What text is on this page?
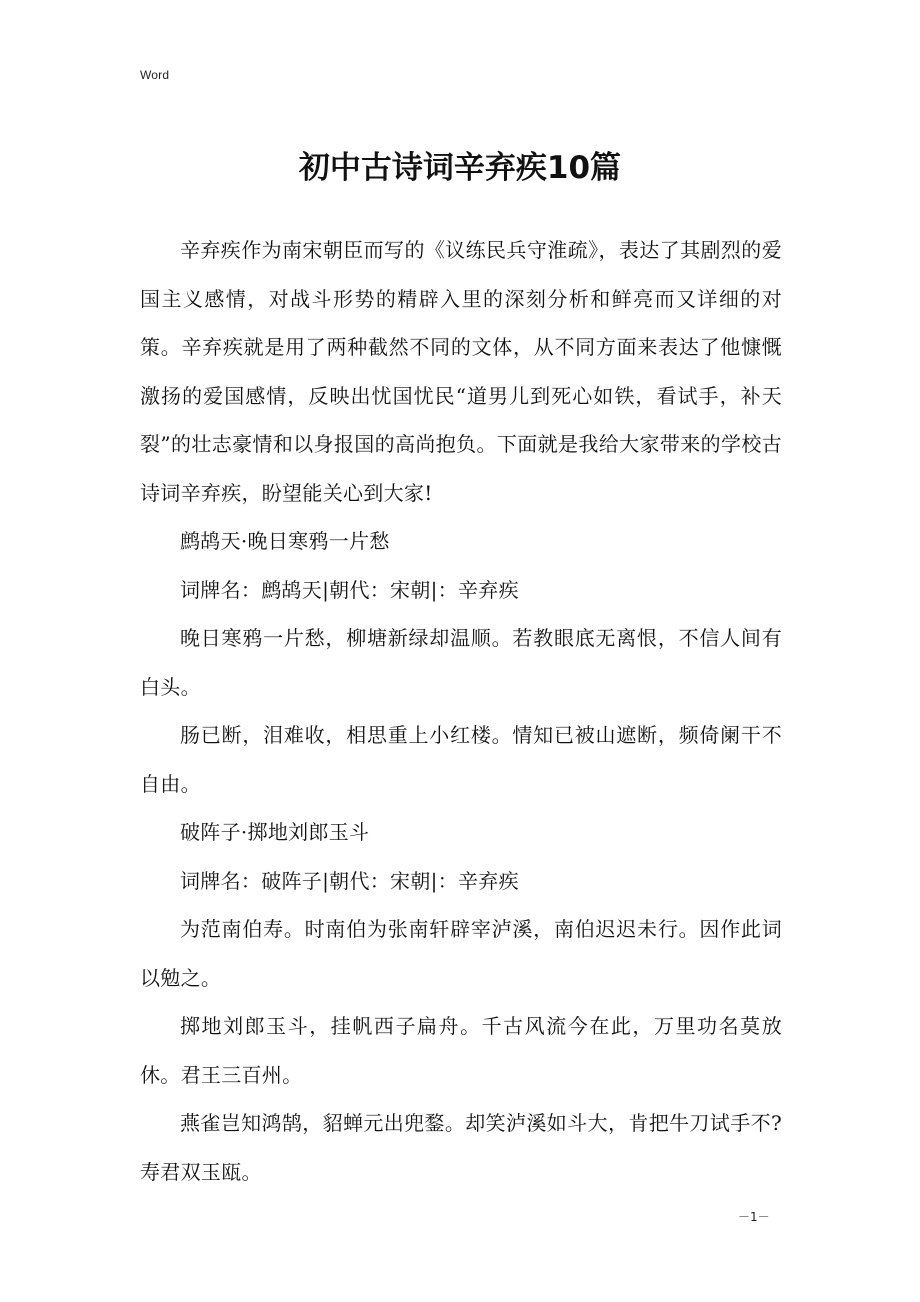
Word
初中古诗词辛弃疾10篇

辛弃疾作为南宋朝臣而写的《议练民兵守淮疏》，表达了其剧烈的爱国主义感情，对战斗形势的精辟入里的深刻分析和鲜亮而又详细的对策。辛弃疾就是用了两种截然不同的文体，从不同方面来表达了他慷慨激扬的爱国感情，反映出忧国忧民“道男儿到死心如铁，看试手，补天裂”的壮志豪情和以身报国的高尚抱负。下面就是我给大家带来的学校古诗词辛弃疾，盼望能关心到大家!

鹧鸪天·晚日寒鸦一片愁

词牌名：鹧鸪天|朝代：宋朝|：辛弃疾

晚日寒鸦一片愁，柳塘新绿却温顺。若教眼底无离恨，不信人间有白头。

肠已断，泪难收，相思重上小红楼。情知已被山遮断，频倚阑干不自由。

破阵子·掷地刘郎玉斗

词牌名：破阵子|朝代：宋朝|：辛弃疾

为范南伯寿。时南伯为张南轩辟宰泸溪，南伯迟迟未行。因作此词以勉之。

掷地刘郎玉斗，挂帆西子扁舟。千古风流今在此，万里功名莫放休。君王三百州。

燕雀岂知鸿鹄，貂蝉元出兜鍪。却笑泸溪如斗大，肯把牛刀试手不?寿君双玉瓯。

－1－
